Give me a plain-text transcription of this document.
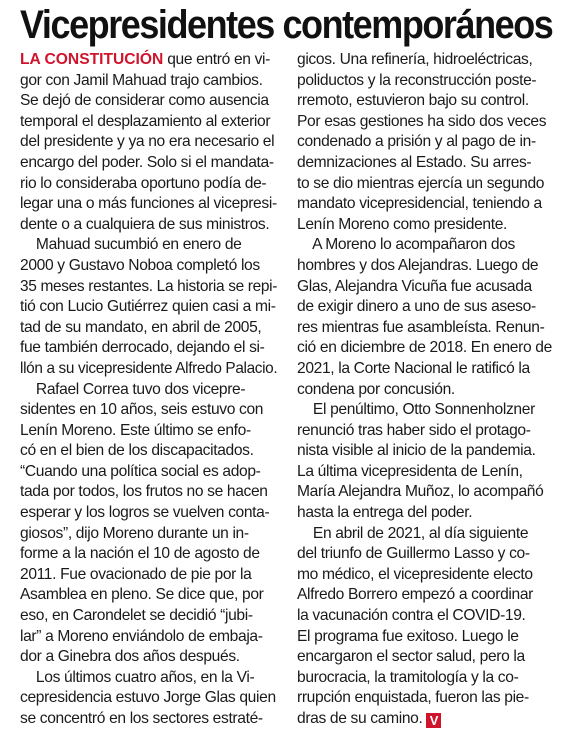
Vicepresidentes contemporáneos
LA CONSTITUCIÓN que entró en vi-
gor con Jamil Mahuad trajo cambios.
Se dejó de considerar como ausencia
temporal el desplazamiento al exterior
del presidente y ya no era necesario el
encargo del poder. Solo si el mandata-
rio lo consideraba oportuno podía de-
legar una o más funciones al vicepresi-
dente o a cualquiera de sus ministros.
Mahuad sucumbió en enero de
2000 y Gustavo Noboa completó los
35 meses restantes. La historia se repi-
tió con Lucio Gutiérrez quien casi a mi-
tad de su mandato, en abril de 2005,
fue también derrocado, dejando el si-
llón a su vicepresidente Alfredo Palacio.
Rafael Correa tuvo dos vicepre-
sidentes en 10 años, seis estuvo con
Lenín Moreno. Este último se enfo-
có en el bien de los discapacitados.
“Cuando una política social es adop-
tada por todos, los frutos no se hacen
esperar y los logros se vuelven conta-
giosos”, dijo Moreno durante un in-
forme a la nación el 10 de agosto de
2011. Fue ovacionado de pie por la
Asamblea en pleno. Se dice que, por
eso, en Carondelet se decidió “jubi-
lar” a Moreno enviándolo de embaja-
dor a Ginebra dos años después.
Los últimos cuatro años, en la Vi-
cepresidencia estuvo Jorge Glas quien
se concentró en los sectores estraté-
gicos. Una refinería, hidroeléctricas,
poliductos y la reconstrucción poste-
rremoto, estuvieron bajo su control.
Por esas gestiones ha sido dos veces
condenado a prisión y al pago de in-
demnizaciones al Estado. Su arres-
to se dio mientras ejercía un segundo
mandato vicepresidencial, teniendo a
Lenín Moreno como presidente.
A Moreno lo acompañaron dos
hombres y dos Alejandras. Luego de
Glas, Alejandra Vicuña fue acusada
de exigir dinero a uno de sus aseso-
res mientras fue asambleísta. Renun-
ció en diciembre de 2018. En enero de
2021, la Corte Nacional le ratificó la
condena por concusión.
El penúltimo, Otto Sonnenholzner
renunció tras haber sido el protago-
nista visible al inicio de la pandemia.
La última vicepresidenta de Lenín,
María Alejandra Muñoz, lo acompañó
hasta la entrega del poder.
En abril de 2021, al día siguiente
del triunfo de Guillermo Lasso y co-
mo médico, el vicepresidente electo
Alfredo Borrero empezó a coordinar
la vacunación contra el COVID-19.
El programa fue exitoso. Luego le
encargaron el sector salud, pero la
burocracia, la tramitología y la co-
rrupción enquistada, fueron las pie-
dras de su camino. V
